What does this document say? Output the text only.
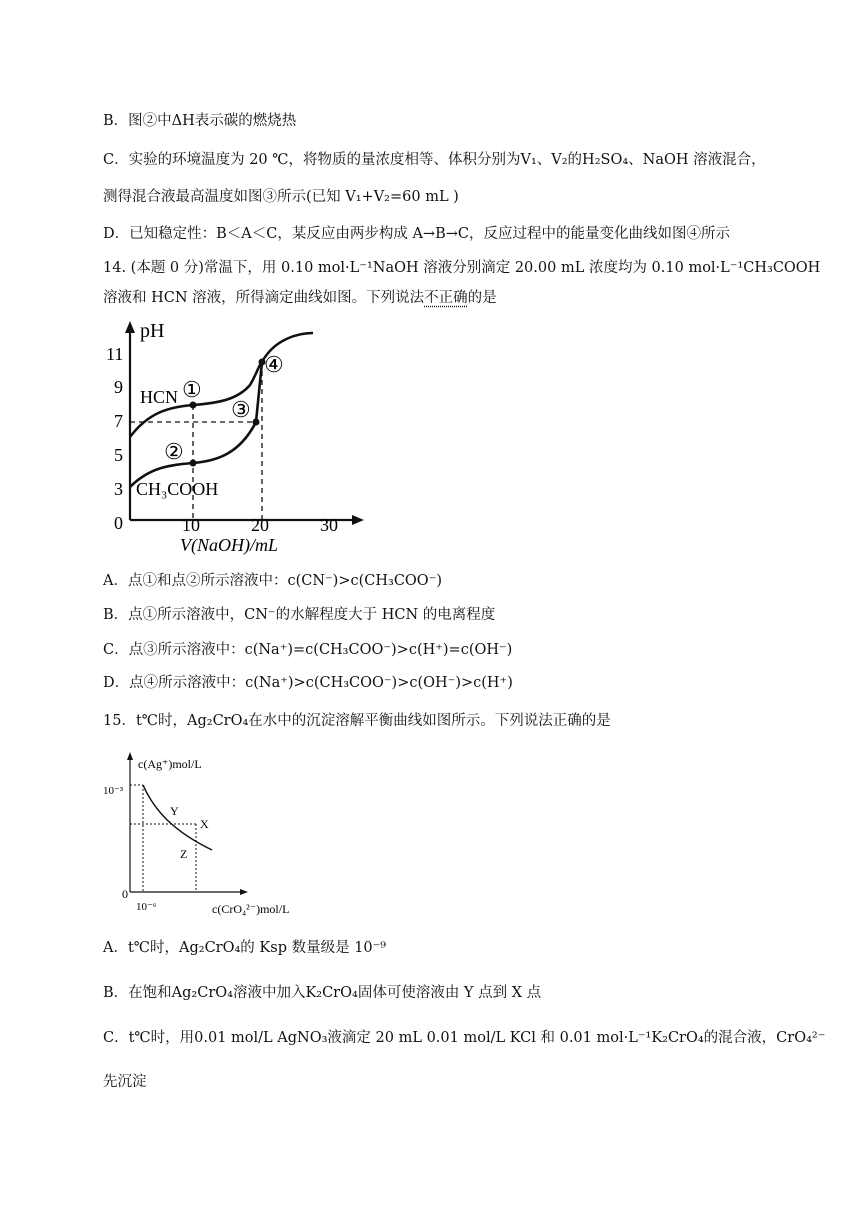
B．图②中ΔH表示碳的燃烧热
C．实验的环境温度为 20 ℃，将物质的量浓度相等、体积分别为V₁、V₂的H₂SO₄、NaOH 溶液混合，
测得混合液最高温度如图③所示(已知 V₁+V₂=60 mL )
D．已知稳定性：B＜A＜C，某反应由两步构成 A→B→C，反应过程中的能量变化曲线如图④所示
14. (本题 0 分)常温下，用 0.10 mol·L⁻¹NaOH 溶液分别滴定 20.00 mL 浓度均为 0.10 mol·L⁻¹CH₃COOH
溶液和 HCN 溶液，所得滴定曲线如图。下列说法不正确的是
pH
11
9
7
5
3
0	10	20	30
V(NaOH)/mL
HCN ①
②
③
④
CH₃COOH
A．点①和点②所示溶液中：c(CN⁻)>c(CH₃COO⁻)
B．点①所示溶液中，CN⁻的水解程度大于 HCN 的电离程度
C．点③所示溶液中：c(Na⁺)=c(CH₃COO⁻)>c(H⁺)=c(OH⁻)
D．点④所示溶液中：c(Na⁺)>c(CH₃COO⁻)>c(OH⁻)>c(H⁺)
15．t℃时，Ag₂CrO₄在水中的沉淀溶解平衡曲线如图所示。下列说法正确的是
c(Ag⁺)mol/L
10⁻³
0
10⁻⁶	c(CrO₄²⁻)mol/L
Y
X
Z
A．t℃时，Ag₂CrO₄的 Ksp 数量级是 10⁻⁹
B．在饱和Ag₂CrO₄溶液中加入K₂CrO₄固体可使溶液由 Y 点到 X 点
C．t℃时，用0.01 mol/L AgNO₃液滴定 20 mL 0.01 mol/L KCl 和 0.01 mol·L⁻¹K₂CrO₄的混合液，CrO₄²⁻
先沉淀
